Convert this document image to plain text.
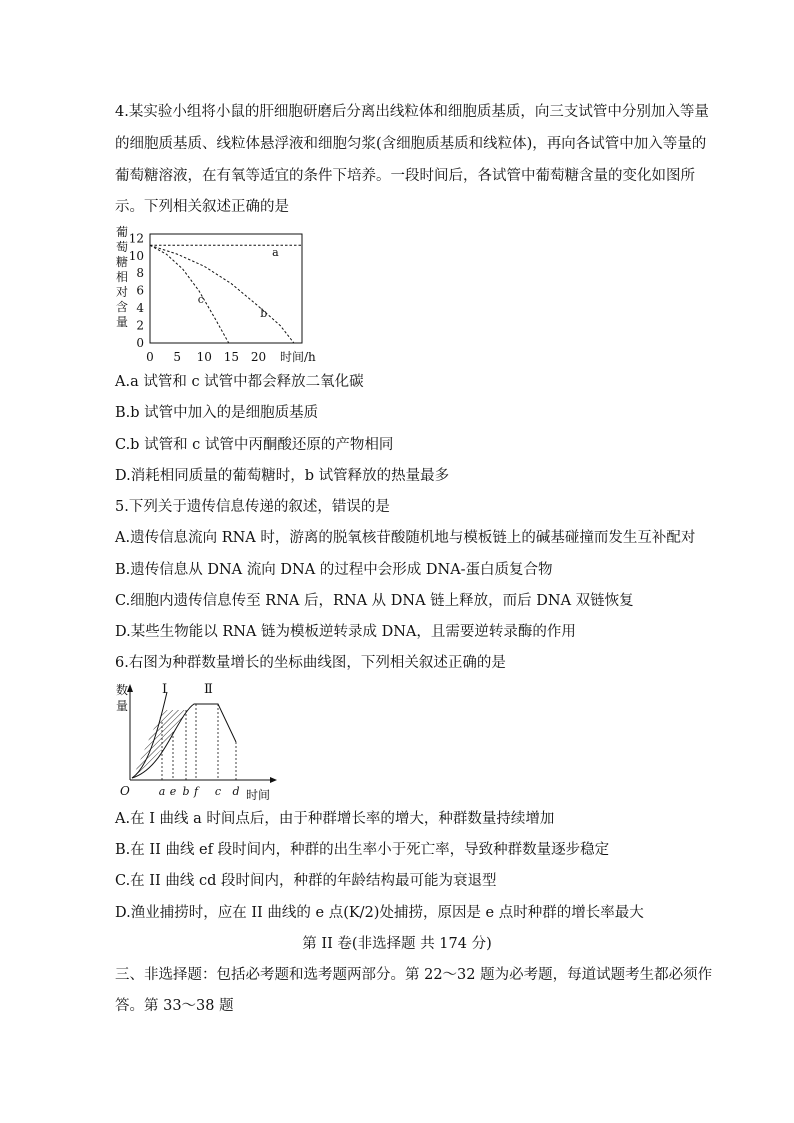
4.某实验小组将小鼠的肝细胞研磨后分离出线粒体和细胞质基质，向三支试管中分别加入等量
的细胞质基质、线粒体悬浮液和细胞匀浆(含细胞质基质和线粒体)，再向各试管中加入等量的
葡萄糖溶液，在有氧等适宜的条件下培养。一段时间后，各试管中葡萄糖含量的变化如图所
示。下列相关叙述正确的是
葡
萄
糖
相
对
含
量
0
2
4
6
8
10
12
0 5 10 15 20 时间/h
a
b
c
A.a 试管和 c 试管中都会释放二氧化碳
B.b 试管中加入的是细胞质基质
C.b 试管和 c 试管中丙酮酸还原的产物相同
D.消耗相同质量的葡萄糖时，b 试管释放的热量最多
5.下列关于遗传信息传递的叙述，错误的是
A.遗传信息流向 RNA 时，游离的脱氧核苷酸随机地与模板链上的碱基碰撞而发生互补配对
B.遗传信息从 DNA 流向 DNA 的过程中会形成 DNA-蛋白质复合物
C.细胞内遗传信息传至 RNA 后，RNA 从 DNA 链上释放，而后 DNA 双链恢复
D.某些生物能以 RNA 链为模板逆转录成 DNA，且需要逆转录酶的作用
6.右图为种群数量增长的坐标曲线图，下列相关叙述正确的是
数
量
Ⅰ	Ⅱ
O	a e b f c d 时间
A.在 I 曲线 a 时间点后，由于种群增长率的增大，种群数量持续增加
B.在 II 曲线 ef 段时间内，种群的出生率小于死亡率，导致种群数量逐步稳定
C.在 II 曲线 cd 段时间内，种群的年龄结构最可能为衰退型
D.渔业捕捞时，应在 II 曲线的 e 点(K/2)处捕捞，原因是 e 点时种群的增长率最大
第 II 卷(非选择题 共 174 分)
三、非选择题：包括必考题和选考题两部分。第 22～32 题为必考题，每道试题考生都必须作
答。第 33～38 题
